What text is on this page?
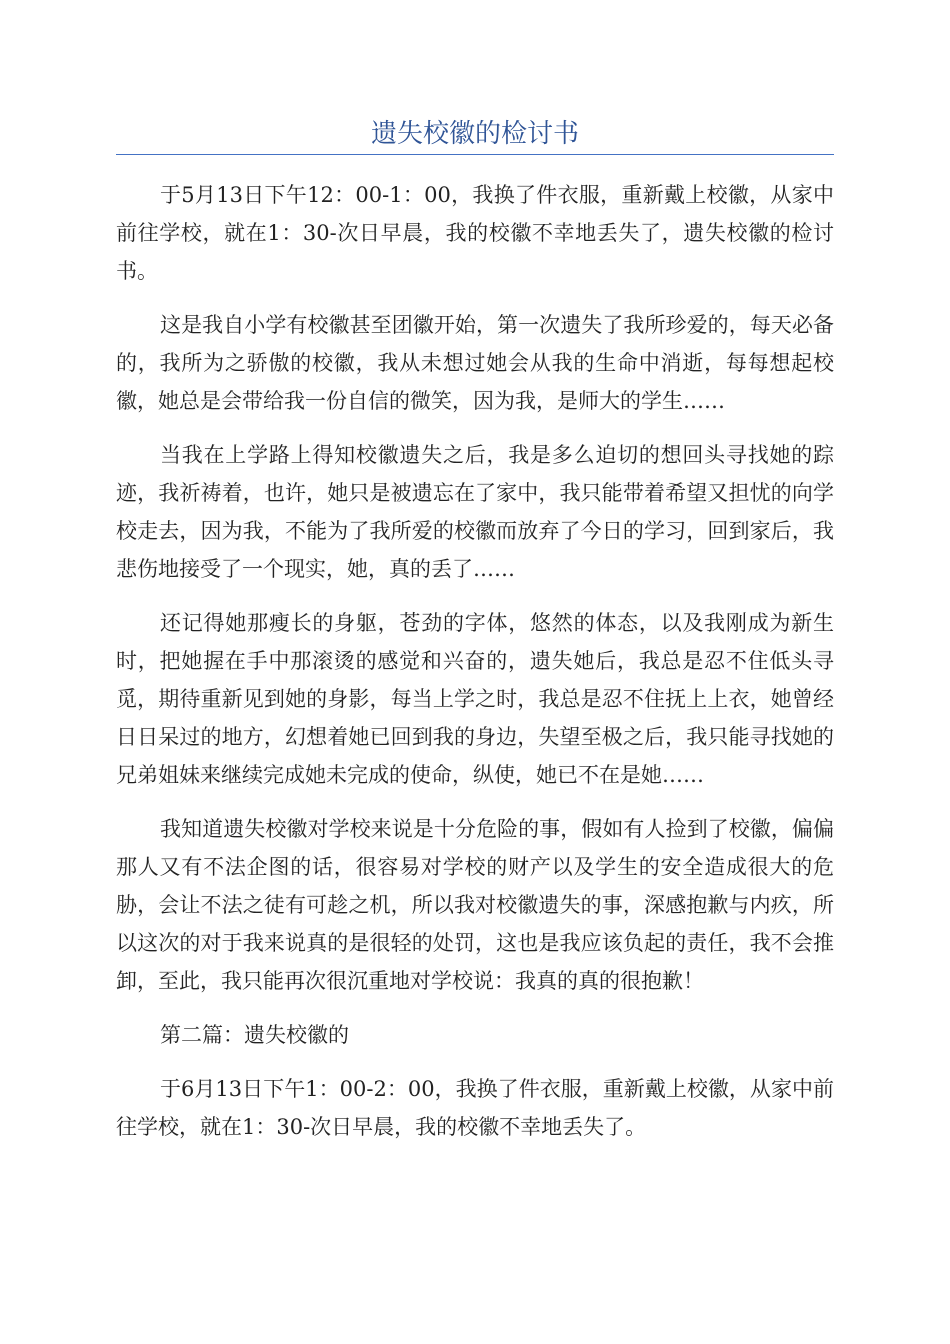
遗失校徽的检讨书

于5月13日下午12：00-1：00，我换了件衣服，重新戴上校徽，从家中前往学校，就在1：30-次日早晨，我的校徽不幸地丢失了，遗失校徽的检讨书。

这是我自小学有校徽甚至团徽开始，第一次遗失了我所珍爱的，每天必备的，我所为之骄傲的校徽，我从未想过她会从我的生命中消逝，每每想起校徽，她总是会带给我一份自信的微笑，因为我，是师大的学生……

当我在上学路上得知校徽遗失之后，我是多么迫切的想回头寻找她的踪迹，我祈祷着，也许，她只是被遗忘在了家中，我只能带着希望又担忧的向学校走去，因为我，不能为了我所爱的校徽而放弃了今日的学习，回到家后，我悲伤地接受了一个现实，她，真的丢了……

还记得她那瘦长的身躯，苍劲的字体，悠然的体态，以及我刚成为新生时，把她握在手中那滚烫的感觉和兴奋的，遗失她后，我总是忍不住低头寻觅，期待重新见到她的身影，每当上学之时，我总是忍不住抚上上衣，她曾经日日呆过的地方，幻想着她已回到我的身边，失望至极之后，我只能寻找她的兄弟姐妹来继续完成她未完成的使命，纵使，她已不在是她……

我知道遗失校徽对学校来说是十分危险的事，假如有人捡到了校徽，偏偏那人又有不法企图的话，很容易对学校的财产以及学生的安全造成很大的危胁，会让不法之徒有可趁之机，所以我对校徽遗失的事，深感抱歉与内疚，所以这次的对于我来说真的是很轻的处罚，这也是我应该负起的责任，我不会推卸，至此，我只能再次很沉重地对学校说：我真的真的很抱歉！

第二篇：遗失校徽的

于6月13日下午1：00-2：00，我换了件衣服，重新戴上校徽，从家中前往学校，就在1：30-次日早晨，我的校徽不幸地丢失了。
